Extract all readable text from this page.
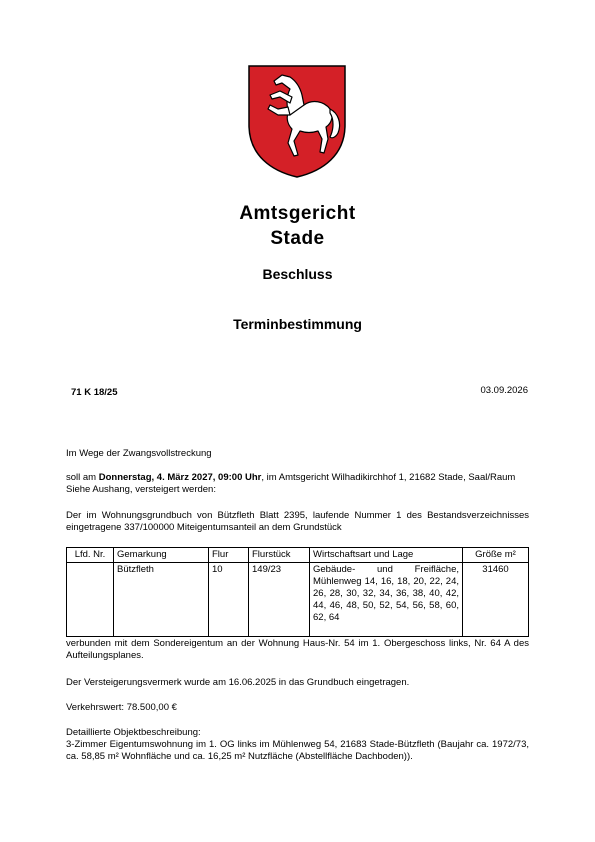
Amtsgericht
Stade
Beschluss
Terminbestimmung
71 K 18/25	03.09.2026
Im Wege der Zwangsvollstreckung
soll am Donnerstag, 4. März 2027, 09:00 Uhr, im Amtsgericht Wilhadikirchhof 1, 21682 Stade, Saal/Raum Siehe Aushang, versteigert werden:
Der im Wohnungsgrundbuch von Bützfleth Blatt 2395, laufende Nummer 1 des Bestandsverzeichnisses eingetragene 337/100000 Miteigentumsanteil an dem Grundstück
Lfd. Nr.	Gemarkung	Flur	Flurstück	Wirtschaftsart und Lage	Größe m²
	Bützfleth	10	149/23	Gebäude- und Freifläche, Mühlenweg 14, 16, 18, 20, 22, 24, 26, 28, 30, 32, 34, 36, 38, 40, 42, 44, 46, 48, 50, 52, 54, 56, 58, 60, 62, 64	31460
verbunden mit dem Sondereigentum an der Wohnung Haus-Nr. 54 im 1. Obergeschoss links, Nr. 64 A des Aufteilungsplanes.
Der Versteigerungsvermerk wurde am 16.06.2025 in das Grundbuch eingetragen.
Verkehrswert: 78.500,00 €
Detaillierte Objektbeschreibung:
3-Zimmer Eigentumswohnung im 1. OG links im Mühlenweg 54, 21683 Stade-Bützfleth (Baujahr ca. 1972/73, ca. 58,85 m² Wohnfläche und ca. 16,25 m² Nutzfläche (Abstellfläche Dachboden)).
